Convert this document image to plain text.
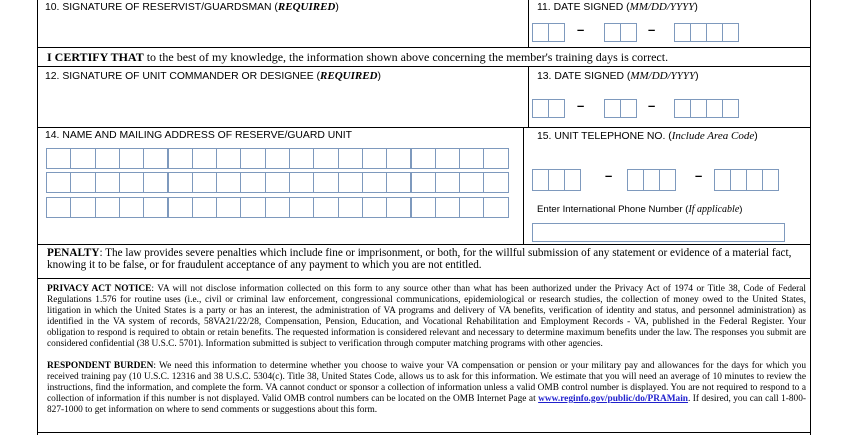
10. SIGNATURE OF RESERVIST/GUARDSMAN (REQUIRED)	11. DATE SIGNED (MM/DD/YYYY)
–	–
I CERTIFY THAT to the best of my knowledge, the information shown above concerning the member's training days is correct.
12. SIGNATURE OF UNIT COMMANDER OR DESIGNEE (REQUIRED)	13. DATE SIGNED (MM/DD/YYYY)
–	–
14. NAME AND MAILING ADDRESS OF RESERVE/GUARD UNIT	15. UNIT TELEPHONE NO. (Include Area Code)
–	–
Enter International Phone Number (If applicable)
PENALTY: The law provides severe penalties which include fine or imprisonment, or both, for the willful submission of any statement or evidence of a material fact,
knowing it to be false, or for fraudulent acceptance of any payment to which you are not entitled.
PRIVACY ACT NOTICE: VA will not disclose information collected on this form to any source other than what has been authorized under the Privacy Act of 1974 or Title 38, Code of Federal Regulations 1.576 for routine uses (i.e., civil or criminal law enforcement, congressional communications, epidemiological or research studies, the collection of money owed to the United States, litigation in which the United States is a party or has an interest, the administration of VA programs and delivery of VA benefits, verification of identity and status, and personnel administration) as identified in the VA system of records, 58VA21/22/28, Compensation, Pension, Education, and Vocational Rehabilitation and Employment Records - VA, published in the Federal Register. Your obligation to respond is required to obtain or retain benefits. The requested information is considered relevant and necessary to determine maximum benefits under the law. The responses you submit are considered confidential (38 U.S.C. 5701). Information submitted is subject to verification through computer matching programs with other agencies.
RESPONDENT BURDEN: We need this information to determine whether you choose to waive your VA compensation or pension or your military pay and allowances for the days for which you received training pay (10 U.S.C. 12316 and 38 U.S.C. 5304(c). Title 38, United States Code, allows us to ask for this information. We estimate that you will need an average of 10 minutes to review the instructions, find the information, and complete the form. VA cannot conduct or sponsor a collection of information unless a valid OMB control number is displayed. You are not required to respond to a collection of information if this number is not displayed. Valid OMB control numbers can be located on the OMB Internet Page at www.reginfo.gov/public/do/PRAMain. If desired, you can call 1-800-827-1000 to get information on where to send comments or suggestions about this form.
